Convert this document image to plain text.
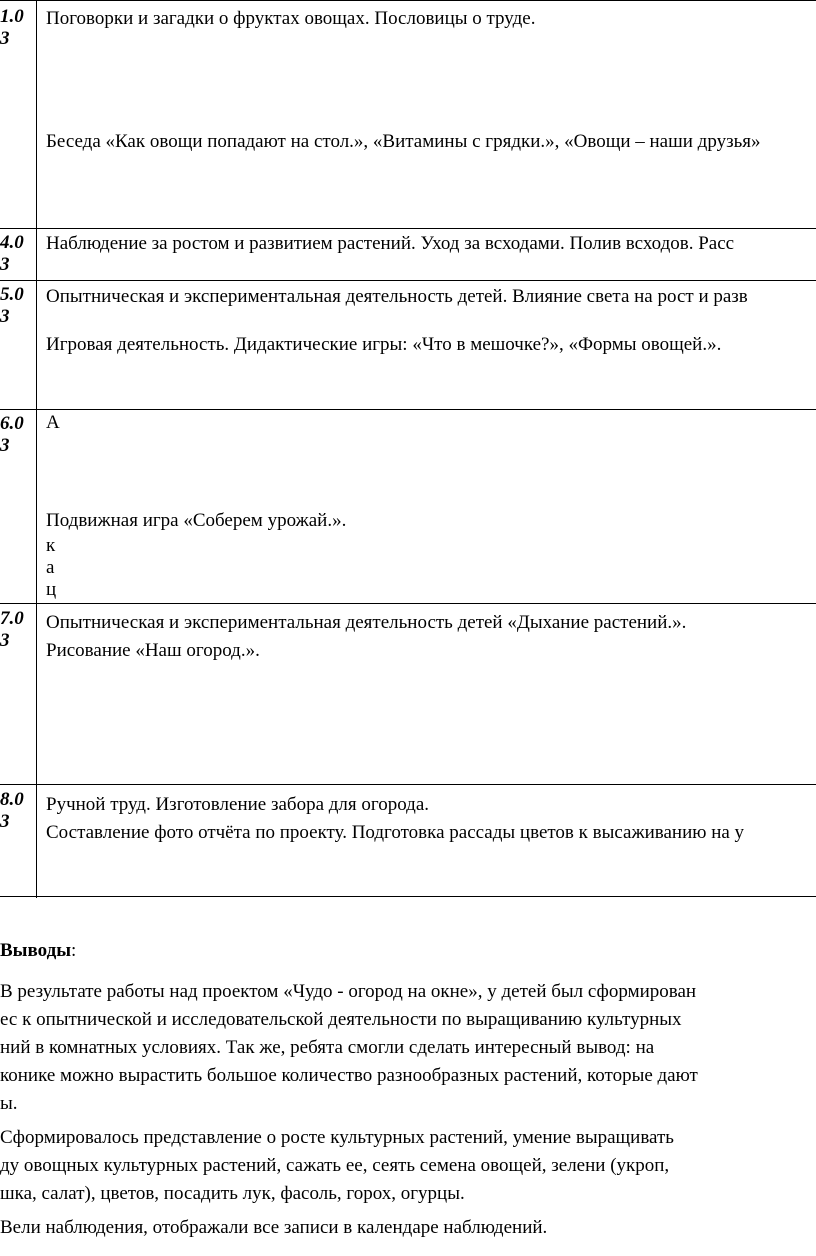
1.0
3
Поговорки и загадки о фруктах овощах. Пословицы о труде.
Беседа «Как овощи попадают на стол.», «Витамины с грядки.», «Овощи – наши друзья»
4.0
3
Наблюдение за ростом и развитием растений. Уход за всходами. Полив всходов. Расс
5.0
3
Опытническая и экспериментальная деятельность детей. Влияние света на рост и разв
Игровая деятельность. Дидактические игры: «Что в мешочке?», «Формы овощей.».
6.0
3
А
Подвижная игра «Соберем урожай.».
к
а
ц
7.0
3
Опытническая и экспериментальная деятельность детей «Дыхание растений.».
Рисование «Наш огород.».
8.0
3
Ручной труд. Изготовление забора для огорода.
Составление фото отчёта по проекту. Подготовка рассады цветов к высаживанию на у
Выводы:
В результате работы над проектом «Чудо - огород на окне», у детей был сформирован
ес к опытнической и исследовательской деятельности по выращиванию культурных
ний в комнатных условиях. Так же, ребята смогли сделать интересный вывод: на
конике можно вырастить большое количество разнообразных растений, которые дают
ы.
Сформировалось представление о росте культурных растений, умение выращивать
ду овощных культурных растений, сажать ее, сеять семена овощей, зелени (укроп,
шка, салат), цветов, посадить лук, фасоль, горох, огурцы.
Вели наблюдения, отображали все записи в календаре наблюдений.
